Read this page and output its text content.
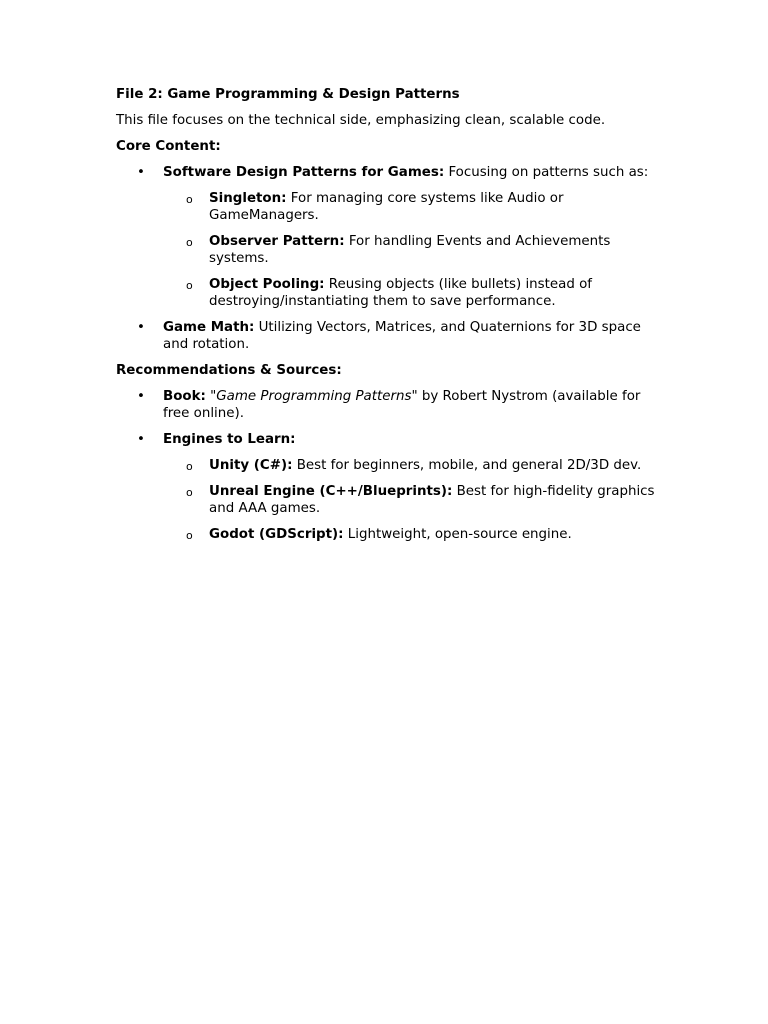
File 2: Game Programming & Design Patterns

This file focuses on the technical side, emphasizing clean, scalable code.

Core Content:

• Software Design Patterns for Games: Focusing on patterns such as:
o Singleton: For managing core systems like Audio or GameManagers.
o Observer Pattern: For handling Events and Achievements systems.
o Object Pooling: Reusing objects (like bullets) instead of destroying/instantiating them to save performance.
• Game Math: Utilizing Vectors, Matrices, and Quaternions for 3D space and rotation.

Recommendations & Sources:

• Book: "Game Programming Patterns" by Robert Nystrom (available for free online).
• Engines to Learn:
o Unity (C#): Best for beginners, mobile, and general 2D/3D dev.
o Unreal Engine (C++/Blueprints): Best for high-fidelity graphics and AAA games.
o Godot (GDScript): Lightweight, open-source engine.
